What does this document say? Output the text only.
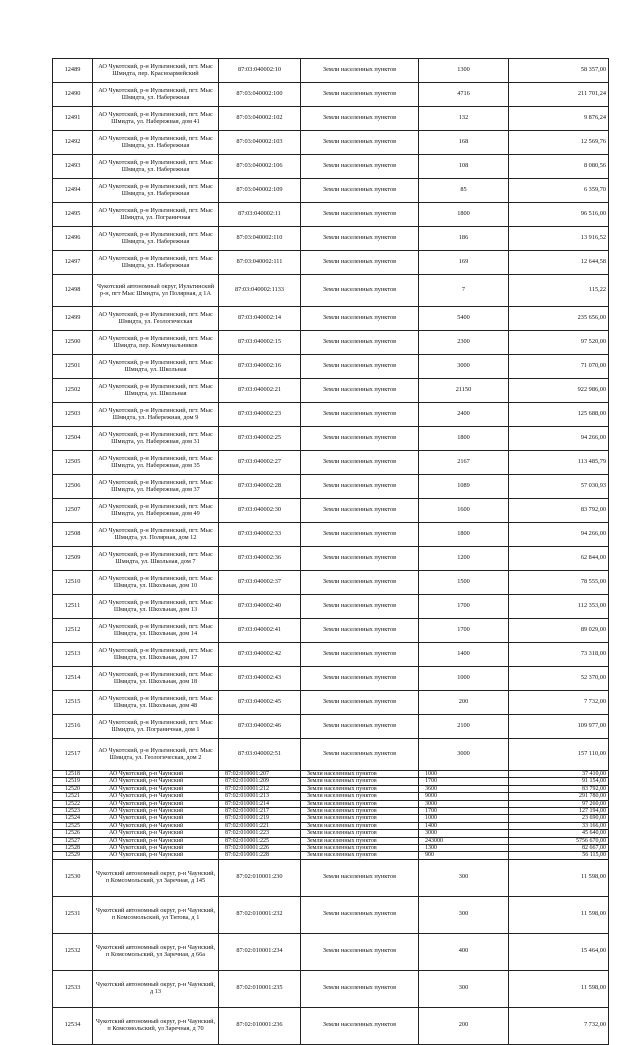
12489	АО Чукотский, р-н Иультинский, пгт. Мыс Шмидта, пер. Красноармейский	87:03:040002:10	Земли населенных пунктов	1300	58 357,00
12490	АО Чукотский, р-н Иультинский, пгт. Мыс Шмидта, ул. Набережная	87:03:040002:100	Земли населенных пунктов	4716	211 701,24
12491	АО Чукотский, р-н Иультинский, пгт. Мыс Шмидта, ул. Набережная, дом 41	87:03:040002:102	Земли населенных пунктов	132	9 876,24
12492	АО Чукотский, р-н Иультинский, пгт. Мыс Шмидта, ул. Набережная	87:03:040002:103	Земли населенных пунктов	168	12 569,76
12493	АО Чукотский, р-н Иультинский, пгт. Мыс Шмидта, ул. Набережная	87:03:040002:106	Земли населенных пунктов	108	8 080,56
12494	АО Чукотский, р-н Иультинский, пгт. Мыс Шмидта, ул. Набережная	87:03:040002:109	Земли населенных пунктов	85	6 359,70
12495	АО Чукотский, р-н Иультинский, пгт. Мыс Шмидта, ул. Пограничная	87:03:040002:11	Земли населенных пунктов	1800	96 516,00
12496	АО Чукотский, р-н Иультинский, пгт. Мыс Шмидта, ул. Набережная	87:03:040002:110	Земли населенных пунктов	186	13 916,52
12497	АО Чукотский, р-н Иультинский, пгт. Мыс Шмидта, ул. Набережная	87:03:040002:111	Земли населенных пунктов	169	12 644,58
12498	Чукотский автономный округ, Иультинский р-н, пгт Мыс Шмидта, ул Полярная, д 1А	87:03:040002:1133	Земли населенных пунктов	7	115,22
12499	АО Чукотский, р-н Иультинский, пгт. Мыс Шмидта, ул. Геологическая	87:03:040002:14	Земли населенных пунктов	5400	235 656,00
12500	АО Чукотский, р-н Иультинский, пгт. Мыс Шмидта, пер. Коммунальников	87:03:040002:15	Земли населенных пунктов	2300	97 520,00
12501	АО Чукотский, р-н Иультинский, пгт. Мыс Шмидта, ул. Школьная	87:03:040002:16	Земли населенных пунктов	3000	71 070,00
12502	АО Чукотский, р-н Иультинский, пгт. Мыс Шмидта, ул. Школьная	87:03:040002:21	Земли населенных пунктов	21150	922 986,00
12503	АО Чукотский, р-н Иультинский, пгт. Мыс Шмидта, ул. Набережная, дом 9	87:03:040002:23	Земли населенных пунктов	2400	125 688,00
12504	АО Чукотский, р-н Иультинский, пгт. Мыс Шмидта, ул. Набережная, дом 31	87:03:040002:25	Земли населенных пунктов	1800	94 266,00
12505	АО Чукотский, р-н Иультинский, пгт. Мыс Шмидта, ул. Набережная, дом 35	87:03:040002:27	Земли населенных пунктов	2167	113 485,79
12506	АО Чукотский, р-н Иультинский, пгт. Мыс Шмидта, ул. Набережная, дом 37	87:03:040002:28	Земли населенных пунктов	1089	57 030,93
12507	АО Чукотский, р-н Иультинский, пгт. Мыс Шмидта, ул. Набережная, дом 49	87:03:040002:30	Земли населенных пунктов	1600	83 792,00
12508	АО Чукотский, р-н Иультинский, пгт. Мыс Шмидта, ул. Полярная, дом 12	87:03:040002:33	Земли населенных пунктов	1800	94 266,00
12509	АО Чукотский, р-н Иультинский, пгт. Мыс Шмидта, ул. Школьная, дом 7	87:03:040002:36	Земли населенных пунктов	1200	62 844,00
12510	АО Чукотский, р-н Иультинский, пгт. Мыс Шмидта, ул. Школьная, дом 10	87:03:040002:37	Земли населенных пунктов	1500	78 555,00
12511	АО Чукотский, р-н Иультинский, пгт. Мыс Шмидта, ул. Школьная, дом 13	87:03:040002:40	Земли населенных пунктов	1700	112 353,00
12512	АО Чукотский, р-н Иультинский, пгт. Мыс Шмидта, ул. Школьная, дом 14	87:03:040002:41	Земли населенных пунктов	1700	89 029,00
12513	АО Чукотский, р-н Иультинский, пгт. Мыс Шмидта, ул. Школьная, дом 17	87:03:040002:42	Земли населенных пунктов	1400	73 318,00
12514	АО Чукотский, р-н Иультинский, пгт. Мыс Шмидта, ул. Школьная, дом 18	87:03:040002:43	Земли населенных пунктов	1000	52 370,00
12515	АО Чукотский, р-н Иультинский, пгт. Мыс Шмидта, ул. Школьная, дом 48	87:03:040002:45	Земли населенных пунктов	200	7 732,00
12516	АО Чукотский, р-н Иультинский, пгт. Мыс Шмидта, ул. Пограничная, дом 1	87:03:040002:46	Земли населенных пунктов	2100	109 977,00
12517	АО Чукотский, р-н Иультинский, пгт. Мыс Шмидта, ул. Геологическая, дом 2	87:03:040002:51	Земли населенных пунктов	3000	157 110,00
12518	АО Чукотский, р-н Чаунский	87:02:010001:207	Земли населенных пунктов	1000	37 410,00
12519	АО Чукотский, р-н Чаунский	87:02:010001:209	Земли населенных пунктов	1700	91 154,00
12520	АО Чукотский, р-н Чаунский	87:02:010001:212	Земли населенных пунктов	3600	83 792,00
12521	АО Чукотский, р-н Чаунский	87:02:010001:213	Земли населенных пунктов	9000	291 780,00
12522	АО Чукотский, р-н Чаунский	87:02:010001:214	Земли населенных пунктов	3000	97 260,00
12523	АО Чукотский, р-н Чаунский	87:02:010001:217	Земли населенных пунктов	1700	127 194,00
12524	АО Чукотский, р-н Чаунский	87:02:010001:219	Земли населенных пунктов	1000	23 690,00
12525	АО Чукотский, р-н Чаунский	87:02:010001:221	Земли населенных пунктов	1400	33 166,00
12526	АО Чукотский, р-н Чаунский	87:02:010001:223	Земли населенных пунктов	3000	45 640,00
12527	АО Чукотский, р-н Чаунский	87:02:010001:225	Земли населенных пунктов	243000	5756 670,00
12528	АО Чукотский, р-н Чаунский	87:02:010001:226	Земли населенных пунктов	1300	82 667,00
12529	АО Чукотский, р-н Чаунский	87:02:010001:228	Земли населенных пунктов	900	56 115,00
12530	Чукотский автономный округ, р-н Чаунский, п Комсомольский, ул Заречная, д 145	87:02:010001:230	Земли населенных пунктов	300	11 598,00
12531	Чукотский автономный округ, р-н Чаунский, п Комсомольский, ул Титова, д 1	87:02:010001:232	Земли населенных пунктов	300	11 598,00
12532	Чукотский автономный округ, р-н Чаунский, п Комсомольский, ул Заречная, д 66а	87:02:010001:234	Земли населенных пунктов	400	15 464,00
12533	Чукотский автономный округ, р-н Чаунский, д 13	87:02:010001:235	Земли населенных пунктов	300	11 598,00
12534	Чукотский автономный округ, р-н Чаунский, п Комсомольский, ул Заречная, д 70	87:02:010001:236	Земли населенных пунктов	200	7 732,00
